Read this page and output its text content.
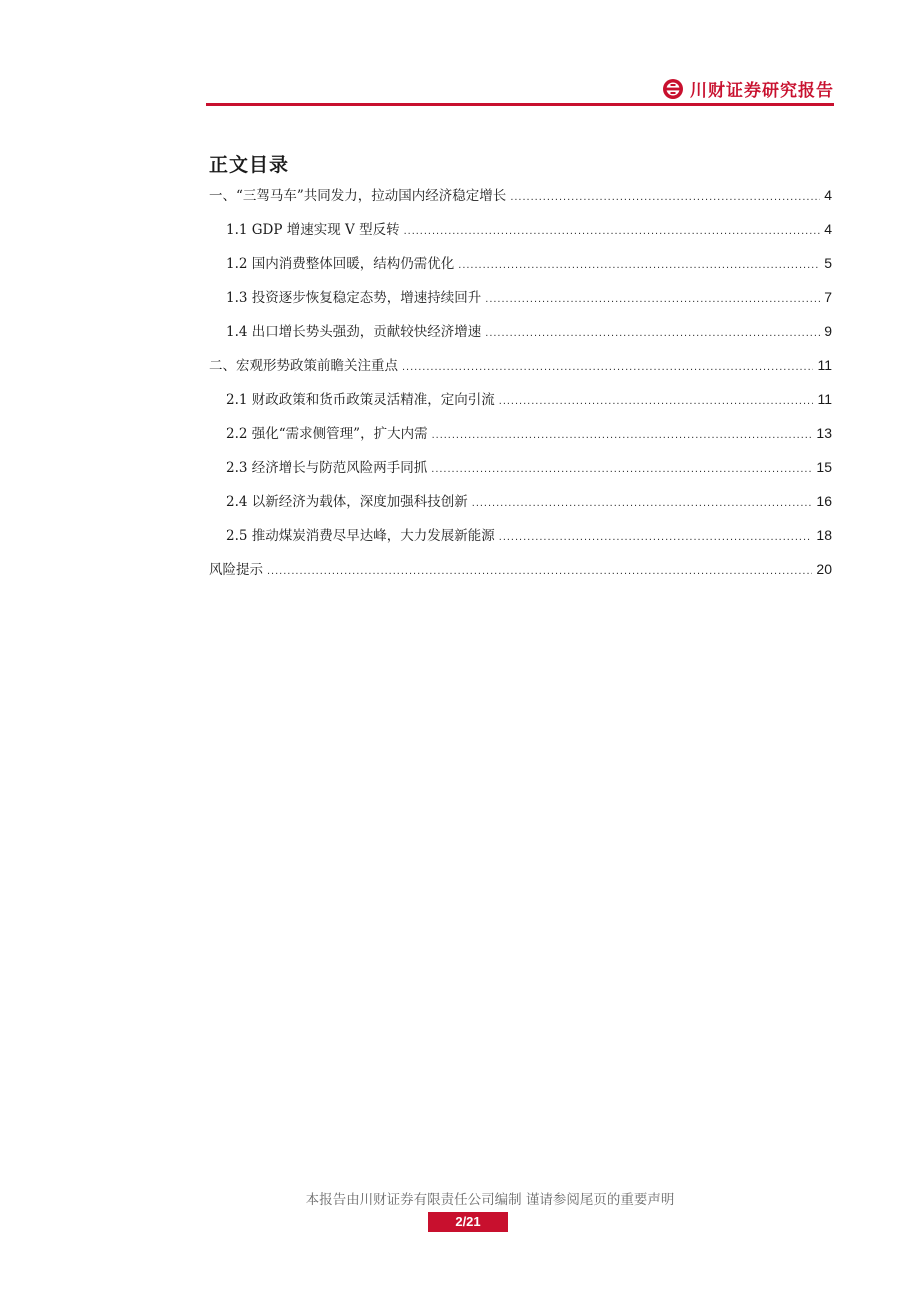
川财证券研究报告
正文目录
一、“三驾马车”共同发力，拉动国内经济稳定增长 .....	4
1.1 GDP 增速实现 V 型反转 .....	4
1.2 国内消费整体回暖，结构仍需优化 .....	5
1.3 投资逐步恢复稳定态势，增速持续回升 .....	7
1.4 出口增长势头强劲，贡献较快经济增速 .....	9
二、宏观形势政策前瞻关注重点 .....	11
2.1 财政政策和货币政策灵活精准，定向引流 .....	11
2.2 强化“需求侧管理”，扩大内需 .....	13
2.3 经济增长与防范风险两手同抓 .....	15
2.4 以新经济为载体，深度加强科技创新 .....	16
2.5 推动煤炭消费尽早达峰，大力发展新能源 .....	18
风险提示 .....	20
本报告由川财证券有限责任公司编制 谨请参阅尾页的重要声明
2/21
